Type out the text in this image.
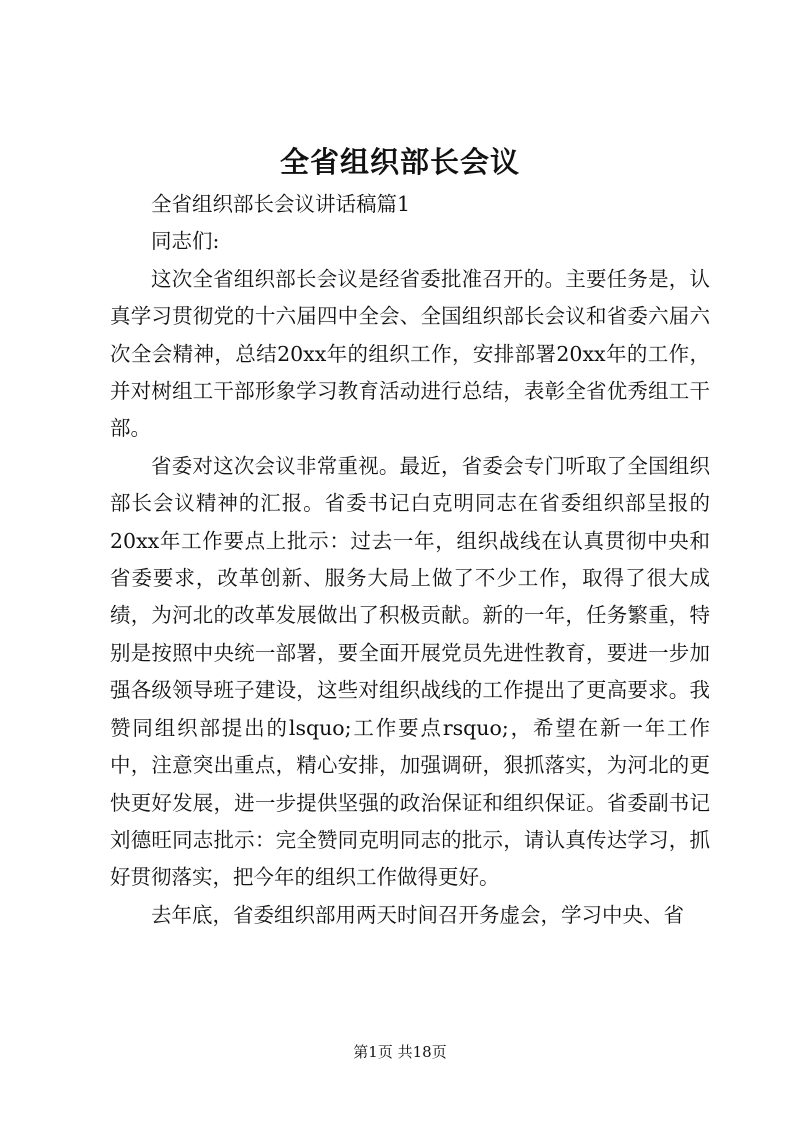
全省组织部长会议

全省组织部长会议讲话稿篇1

同志们:

这次全省组织部长会议是经省委批准召开的。主要任务是，认真学习贯彻党的十六届四中全会、全国组织部长会议和省委六届六次全会精神，总结20xx年的组织工作，安排部署20xx年的工作，并对树组工干部形象学习教育活动进行总结，表彰全省优秀组工干部。

省委对这次会议非常重视。最近，省委会专门听取了全国组织部长会议精神的汇报。省委书记白克明同志在省委组织部呈报的20xx年工作要点上批示：过去一年，组织战线在认真贯彻中央和省委要求，改革创新、服务大局上做了不少工作，取得了很大成绩，为河北的改革发展做出了积极贡献。新的一年，任务繁重，特别是按照中央统一部署，要全面开展党员先进性教育，要进一步加强各级领导班子建设，这些对组织战线的工作提出了更高要求。我赞同组织部提出的lsquo;工作要点rsquo;，希望在新一年工作中，注意突出重点，精心安排，加强调研，狠抓落实，为河北的更快更好发展，进一步提供坚强的政治保证和组织保证。省委副书记刘德旺同志批示：完全赞同克明同志的批示，请认真传达学习，抓好贯彻落实，把今年的组织工作做得更好。

去年底，省委组织部用两天时间召开务虚会，学习中央、省

第1页 共18页
